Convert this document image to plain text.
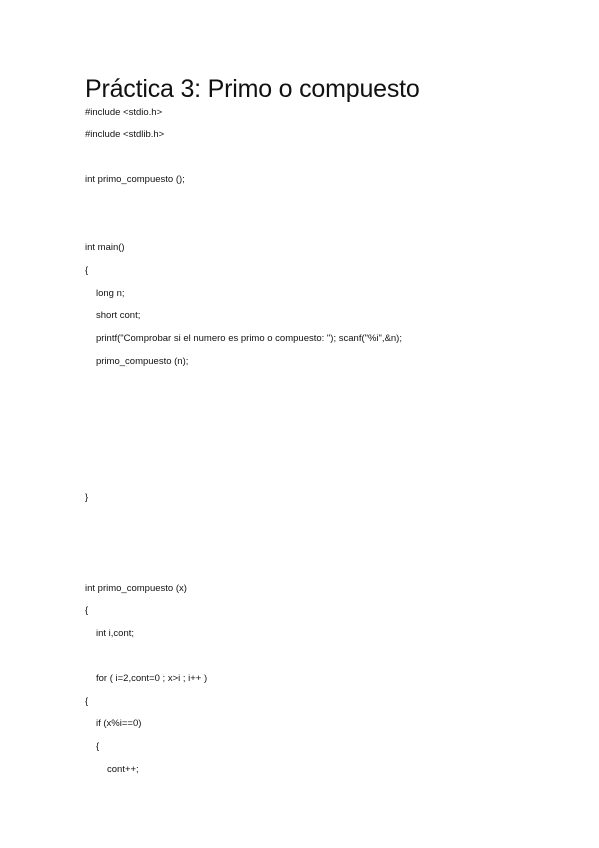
Práctica 3: Primo o compuesto
#include <stdio.h>
#include <stdlib.h>
int primo_compuesto ();
int main()
{
long n;
short cont;
printf("Comprobar si el numero es primo o compuesto: "); scanf("%i",&n);
primo_compuesto (n);
}
int primo_compuesto (x)
{
int i,cont;
for ( i=2,cont=0 ; x>i ; i++ )
{
if (x%i==0)
{
cont++;
